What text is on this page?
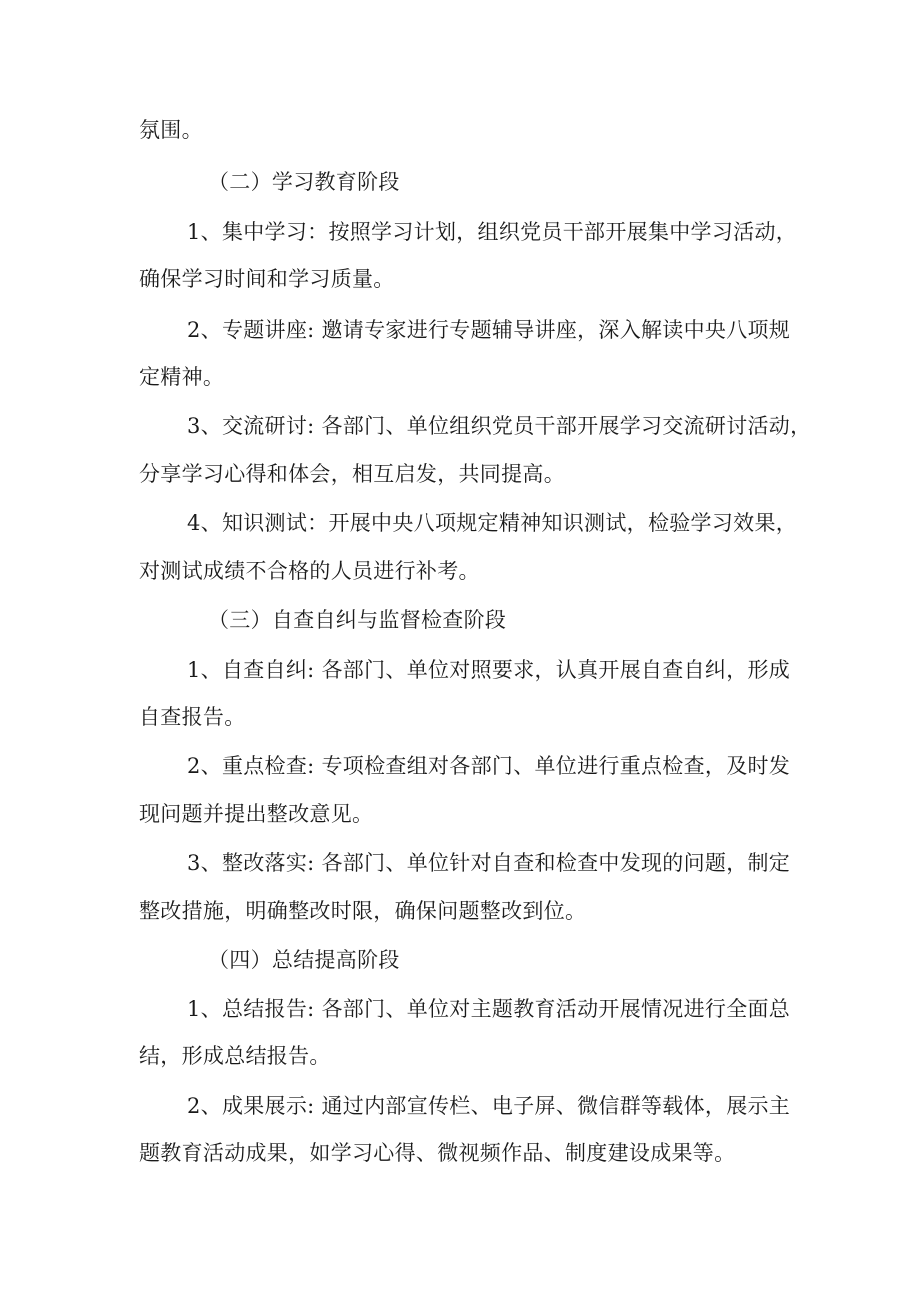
氛围。
（二）学习教育阶段
1、集中学习：按照学习计划，组织党员干部开展集中学习活动，
确保学习时间和学习质量。
2、专题讲座: 邀请专家进行专题辅导讲座，深入解读中央八项规
定精神。
3、交流研讨: 各部门、单位组织党员干部开展学习交流研讨活动，
分享学习心得和体会，相互启发，共同提高。
4、知识测试：开展中央八项规定精神知识测试，检验学习效果，
对测试成绩不合格的人员进行补考。
（三）自查自纠与监督检查阶段
1、自查自纠: 各部门、单位对照要求，认真开展自查自纠，形成
自查报告。
2、重点检查: 专项检查组对各部门、单位进行重点检查，及时发
现问题并提出整改意见。
3、整改落实: 各部门、单位针对自查和检查中发现的问题，制定
整改措施，明确整改时限，确保问题整改到位。
（四）总结提高阶段
1、总结报告: 各部门、单位对主题教育活动开展情况进行全面总
结，形成总结报告。
2、成果展示: 通过内部宣传栏、电子屏、微信群等载体，展示主
题教育活动成果，如学习心得、微视频作品、制度建设成果等。
